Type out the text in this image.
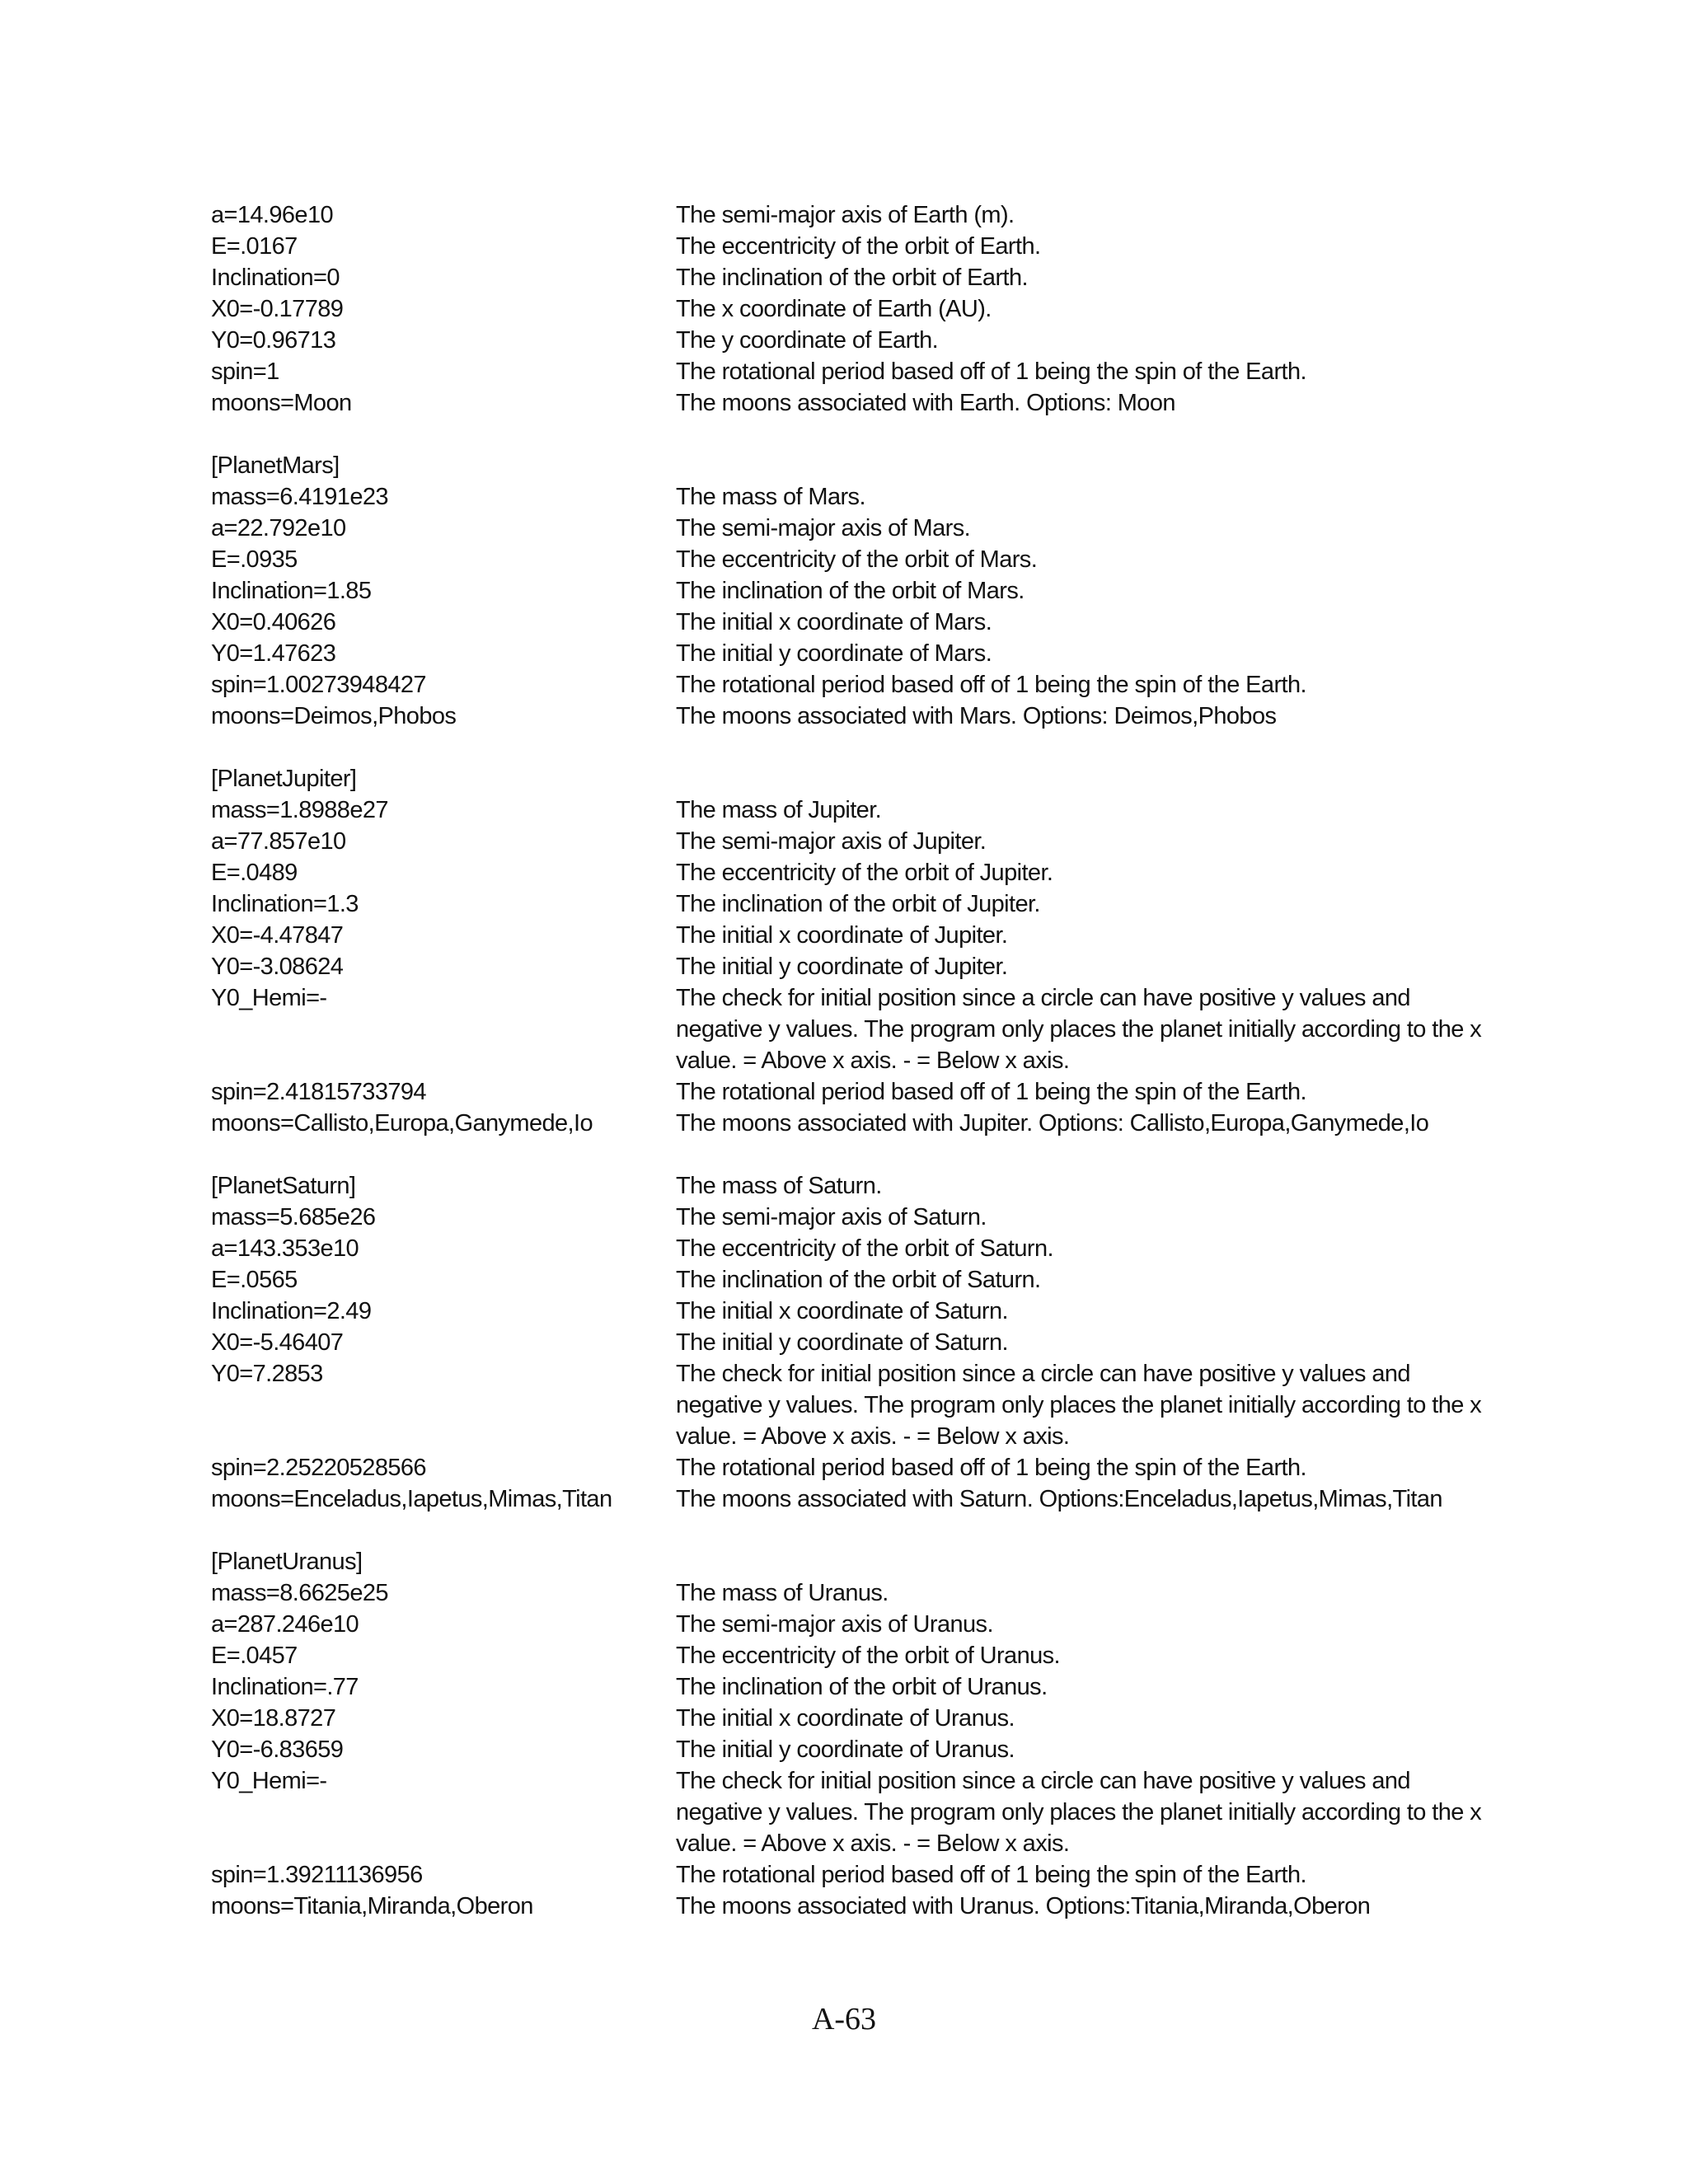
a=14.96e10	The semi-major axis of Earth (m).
E=.0167	The eccentricity of the orbit of Earth.
Inclination=0	The inclination of the orbit of Earth.
X0=-0.17789	The x coordinate of Earth (AU).
Y0=0.96713	The y coordinate of Earth.
spin=1	The rotational period based off of 1 being the spin of the Earth.
moons=Moon	The moons associated with Earth. Options: Moon
[PlanetMars]
mass=6.4191e23	The mass of Mars.
a=22.792e10	The semi-major axis of Mars.
E=.0935	The eccentricity of the orbit of Mars.
Inclination=1.85	The inclination of the orbit of Mars.
X0=0.40626	The initial x coordinate of Mars.
Y0=1.47623	The initial y coordinate of Mars.
spin=1.00273948427	The rotational period based off of 1 being the spin of the Earth.
moons=Deimos,Phobos	The moons associated with Mars. Options: Deimos,Phobos
[PlanetJupiter]
mass=1.8988e27	The mass of Jupiter.
a=77.857e10	The semi-major axis of Jupiter.
E=.0489	The eccentricity of the orbit of Jupiter.
Inclination=1.3	The inclination of the orbit of Jupiter.
X0=-4.47847	The initial x coordinate of Jupiter.
Y0=-3.08624	The initial y coordinate of Jupiter.
Y0_Hemi=-	The check for initial position since a circle can have positive y values and negative y values. The program only places the planet initially according to the x value. = Above x axis. - = Below x axis.
spin=2.41815733794	The rotational period based off of 1 being the spin of the Earth.
moons=Callisto,Europa,Ganymede,Io	The moons associated with Jupiter. Options: Callisto,Europa,Ganymede,Io
[PlanetSaturn]	The mass of Saturn.
mass=5.685e26	The semi-major axis of Saturn.
a=143.353e10	The eccentricity of the orbit of Saturn.
E=.0565	The inclination of the orbit of Saturn.
Inclination=2.49	The initial x coordinate of Saturn.
X0=-5.46407	The initial y coordinate of Saturn.
Y0=7.2853	The check for initial position since a circle can have positive y values and negative y values. The program only places the planet initially according to the x value. = Above x axis. - = Below x axis.
spin=2.25220528566	The rotational period based off of 1 being the spin of the Earth.
moons=Enceladus,Iapetus,Mimas,Titan	The moons associated with Saturn. Options:Enceladus,Iapetus,Mimas,Titan
[PlanetUranus]
mass=8.6625e25	The mass of Uranus.
a=287.246e10	The semi-major axis of Uranus.
E=.0457	The eccentricity of the orbit of Uranus.
Inclination=.77	The inclination of the orbit of Uranus.
X0=18.8727	The initial x coordinate of Uranus.
Y0=-6.83659	The initial y coordinate of Uranus.
Y0_Hemi=-	The check for initial position since a circle can have positive y values and negative y values. The program only places the planet initially according to the x value. = Above x axis. - = Below x axis.
spin=1.39211136956	The rotational period based off of 1 being the spin of the Earth.
moons=Titania,Miranda,Oberon	The moons associated with Uranus. Options:Titania,Miranda,Oberon
A-63
